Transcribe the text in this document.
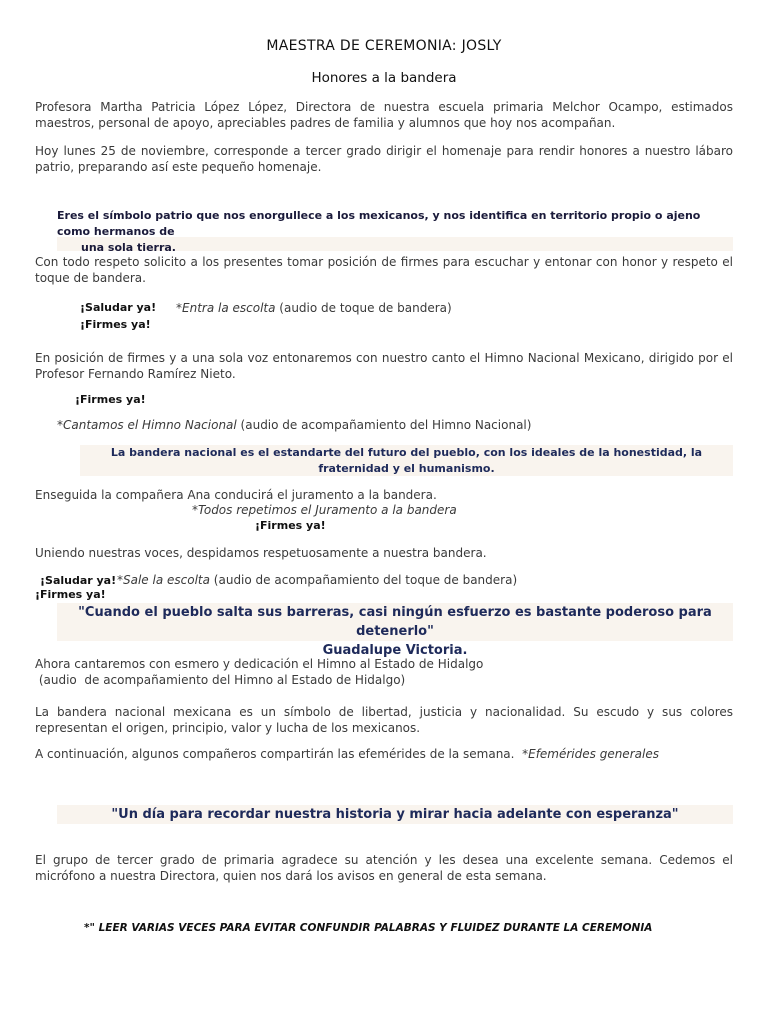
MAESTRA DE CEREMONIA: JOSLY
Honores a la bandera
Profesora Martha Patricia López López, Directora de nuestra escuela primaria Melchor Ocampo, estimados maestros, personal de apoyo, apreciables padres de familia y alumnos que hoy nos acompañan.
Hoy lunes 25 de noviembre, corresponde a tercer grado dirigir el homenaje para rendir honores a nuestro lábaro patrio, preparando así este pequeño homenaje.
Eres el símbolo patrio que nos enorgullece a los mexicanos, y nos identifica en territorio propio o ajeno como hermanos de
una sola tierra.
Con todo respeto solicito a los presentes tomar posición de firmes para escuchar y entonar con honor y respeto el toque de bandera.
¡Saludar ya! *Entra la escolta (audio de toque de bandera)
¡Firmes ya!
En posición de firmes y a una sola voz entonaremos con nuestro canto el Himno Nacional Mexicano, dirigido por el Profesor Fernando Ramírez Nieto.
¡Firmes ya!
*Cantamos el Himno Nacional (audio de acompañamiento del Himno Nacional)
La bandera nacional es el estandarte del futuro del pueblo, con los ideales de la honestidad, la fraternidad y el humanismo.
Enseguida la compañera Ana conducirá el juramento a la bandera.
*Todos repetimos el Juramento a la bandera
¡Firmes ya!
Uniendo nuestras voces, despidamos respetuosamente a nuestra bandera.
¡Saludar ya! *Sale la escolta (audio de acompañamiento del toque de bandera)
¡Firmes ya!
"Cuando el pueblo salta sus barreras, casi ningún esfuerzo es bastante poderoso para detenerlo"
Guadalupe Victoria.
Ahora cantaremos con esmero y dedicación el Himno al Estado de Hidalgo
(audio  de acompañamiento del Himno al Estado de Hidalgo)
La bandera nacional mexicana es un símbolo de libertad, justicia y nacionalidad. Su escudo y sus colores representan el origen, principio, valor y lucha de los mexicanos.
A continuación, algunos compañeros compartirán las efemérides de la semana.  *Efemérides generales
"Un día para recordar nuestra historia y mirar hacia adelante con esperanza"
El grupo de tercer grado de primaria agradece su atención y les desea una excelente semana. Cedemos el micrófono a nuestra Directora, quien nos dará los avisos en general de esta semana.
*" LEER VARIAS VECES PARA EVITAR CONFUNDIR PALABRAS Y FLUIDEZ DURANTE LA CEREMONIA
